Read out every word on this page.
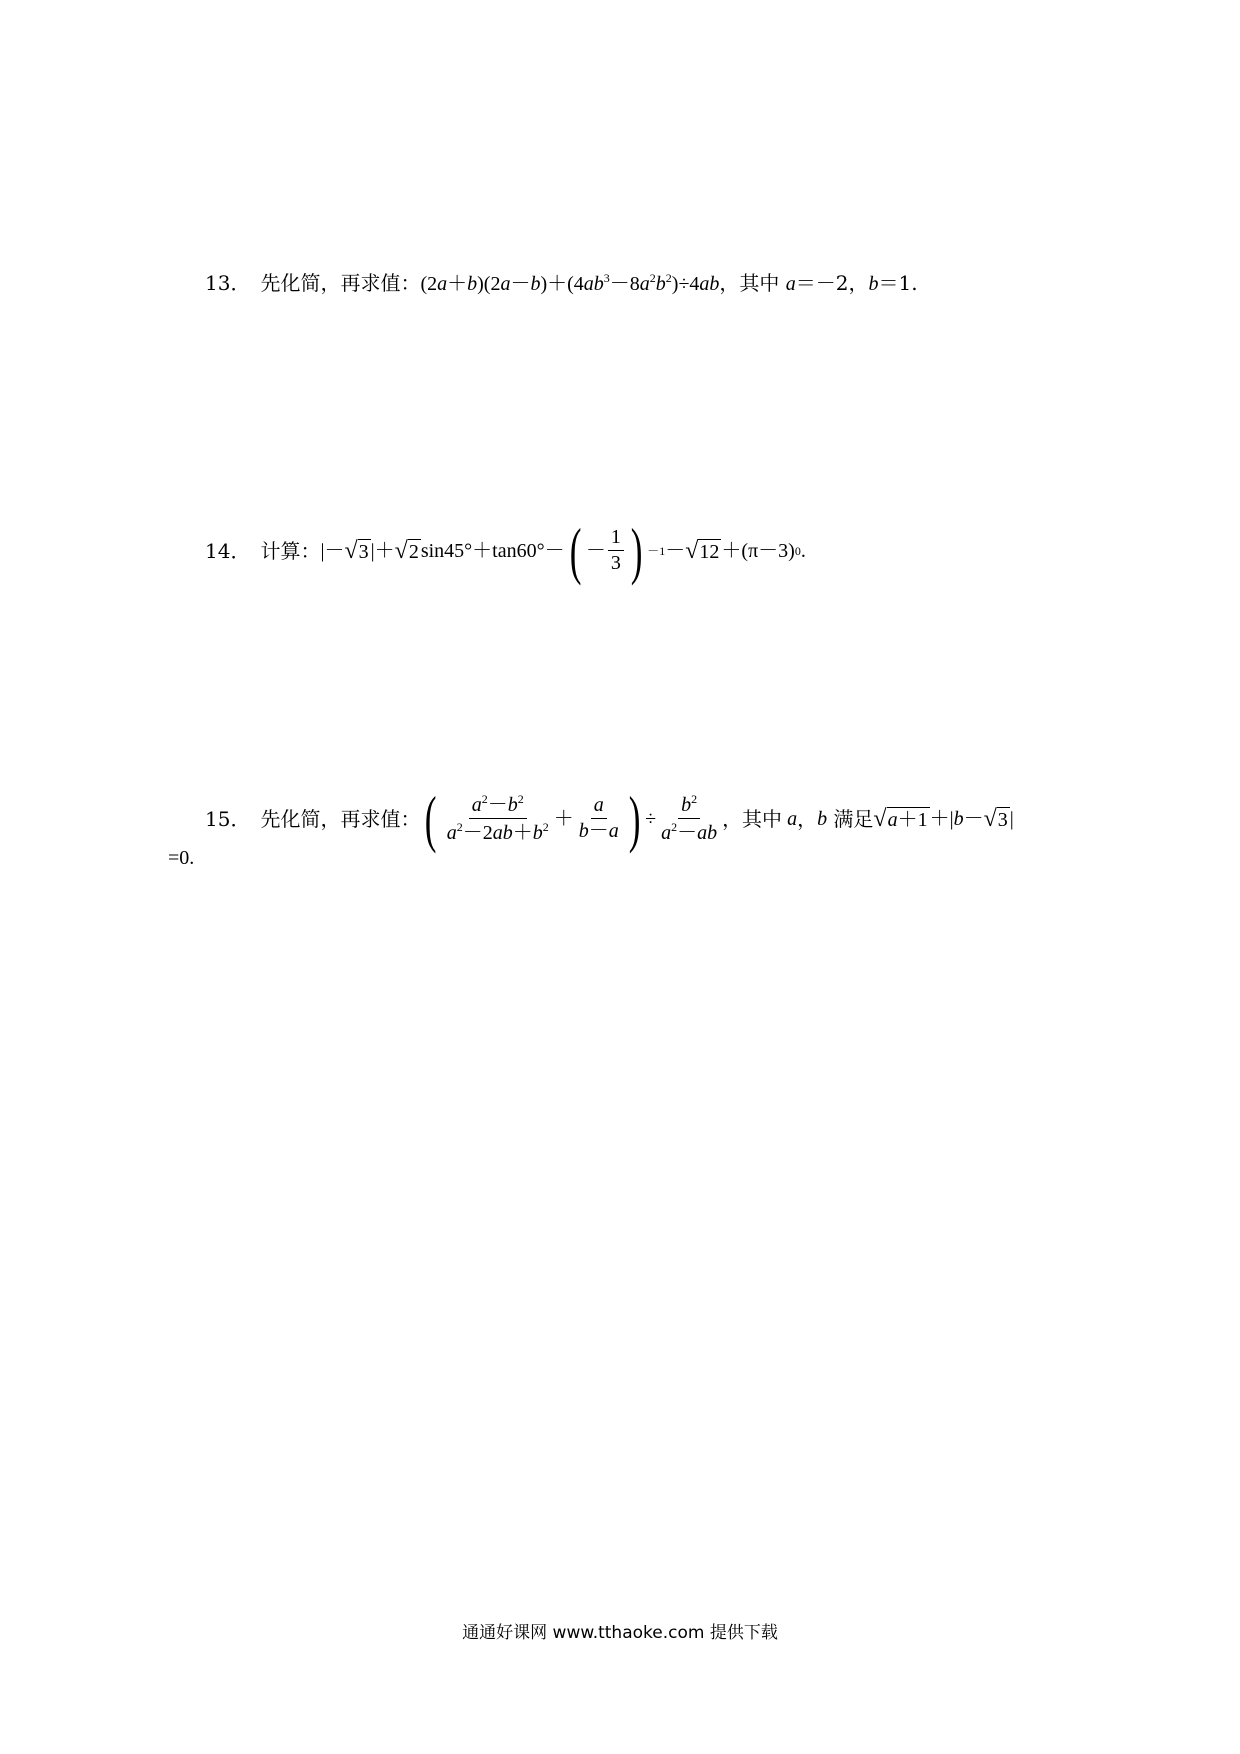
13． 先化简，再求值： $(2a+b)(2a-b)+(4ab^3-8a^2b^2)\div 4ab$ ，其中 a＝－2，b＝1.
14． 计算： |－ √ 3 |＋ √ 2 sin45°＋tan60°－ ( － $\frac{1}{3}$ ) －1 － √ 12 ＋(π－3) 0 .
15． 先化简，再求值： ( $\frac{a^2-b^2}{a^2-2ab+b^2} + \frac{a}{b-a}$ ) ÷ $\frac{b^2}{a^2-ab}$ ，其中 a ， b 满足 √ a＋1 ＋|b－ √ 3 |
=0.
通通好课网 www.tthaoke.com 提供下载
